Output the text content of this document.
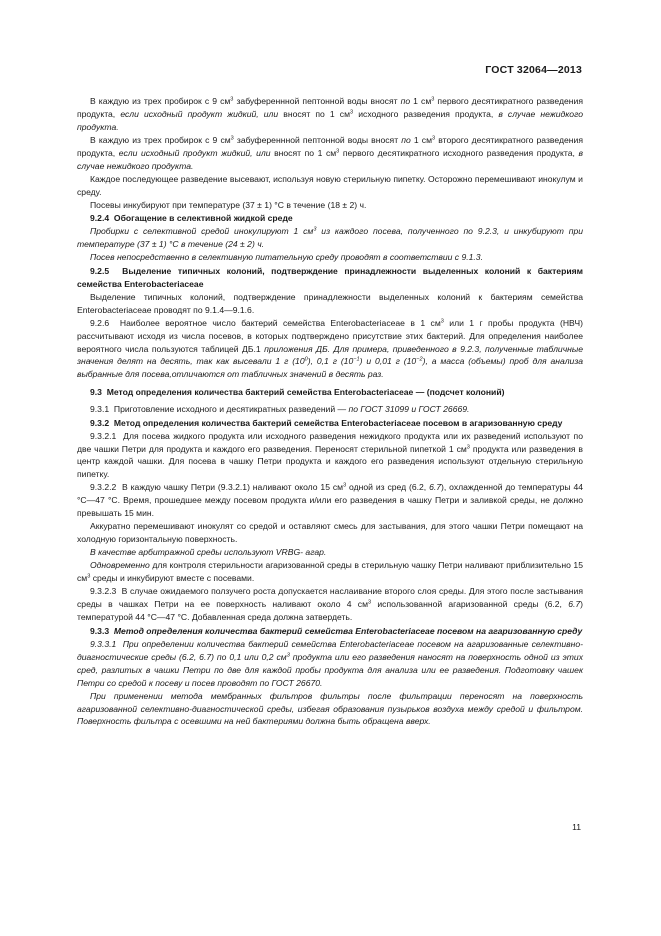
ГОСТ 32064—2013

В каждую из трех пробирок с 9 $см^3$ забуференнной пептонной воды вносят по 1 $см^3$ первого десятикратного разведения продукта, если исходный продукт жидкий, или вносят по 1 $см^3$ исходного разведения продукта, в случае нежидкого продукта.

В каждую из трех пробирок с 9 $см^3$ забуференнной пептонной воды вносят по 1 $см^3$ второго десятикратного разведения продукта, если исходный продукт жидкий, или вносят по 1 $см^3$ первого десятикратного исходного разведения продукта, в случае нежидкого продукта.

Каждое последующее разведение высевают, используя новую стерильную пипетку. Осторожно перемешивают инокулум и среду.

Посевы инкубируют при температуре (37 ± 1) °С в течение (18 ± 2) ч.

9.2.4  Обогащение в селективной жидкой среде

Пробирки с селективной средой инокулируют 1 $см^3$ из каждого посева, полученного по 9.2.3, и инкубируют при температуре (37 ± 1) °С в течение (24 ± 2) ч.

Посев непосредственно в селективную питательную среду проводят в соответствии с 9.1.3.

9.2.5  Выделение типичных колоний, подтверждение принадлежности выделенных колоний к бактериям семейства Enterobacteriaceae

Выделение типичных колоний, подтверждение принадлежности выделенных колоний к бактериям семейства Enterobacteriaceae проводят по 9.1.4—9.1.6.

9.2.6  Наиболее вероятное число бактерий семейства Enterobacteriaceae в 1 $см^3$ или 1 г пробы продукта (НВЧ) рассчитывают исходя из числа посевов, в которых подтверждено присутствие этих бактерий. Для определения наиболее вероятного числа пользуются таблицей ДБ.1 приложения ДБ. Для примера, приведенного в 9.2.3, полученные табличные значения делят на десять, так как высевали 1 г $(10^0)$, 0,1 г $(10^{-1})$ и 0,01 г $(10^{-2})$, а масса (объемы) проб для анализа выбранные для посева,отличаются от табличных значений в десять раз.

9.3  Метод определения количества бактерий семейства Enterobacteriaceae — (подсчет колоний)

9.3.1  Приготовление исходного и десятикратных разведений — по ГОСТ 31099 и ГОСТ 26669.

9.3.2  Метод определения количества бактерий семейства Enterobacteriaceae посевом в агаризованную среду

9.3.2.1  Для посева жидкого продукта или исходного разведения нежидкого продукта или их разведений используют по две чашки Петри для продукта и каждого его разведения. Переносят стерильной пипеткой 1 $см^3$ продукта или разведения в центр каждой чашки. Для посева в чашку Петри продукта и каждого его разведения используют отдельную стерильную пипетку.

9.3.2.2  В каждую чашку Петри (9.3.2.1) наливают около 15 $см^3$ одной из сред (6.2, 6.7), охлажденной до температуры 44 °С—47 °С. Время, прошедшее между посевом продукта и/или его разведения в чашку Петри и заливкой среды, не должно превышать 15 мин.

Аккуратно перемешивают инокулят со средой и оставляют смесь для застывания, для этого чашки Петри помещают на холодную горизонтальную поверхность.

В качестве арбитражной среды используют VRBG- агар.

Одновременно для контроля стерильности агаризованной среды в стерильную чашку Петри наливают приблизительно 15 $см^3$ среды и инкубируют вместе с посевами.

9.3.2.3  В случае ожидаемого ползучего роста допускается наслаивание второго слоя среды. Для этого после застывания среды в чашках Петри на ее поверхность наливают около 4 $см^3$ использованной агаризованной среды (6.2, 6.7) температурой 44 °С—47 °С. Добавленная среда должна затвердеть.

9.3.3  Метод определения количества бактерий семейства Enterobacteriaceae посевом на агаризованную среду

9.3.3.1  При определении количества бактерий семейства Enterobacteriaceae посевом на агаризованные селективно-диагностические среды (6.2, 6.7) по 0,1 или 0,2 $см^3$ продукта или его разведения наносят на поверхность одной из этих сред, разлитых в чашки Петри по две для каждой пробы продукта для анализа или ее разведения. Подготовку чашек Петри со средой к посеву и посев проводят по ГОСТ 26670.

При применении метода мембранных фильтров фильтры после фильтрации переносят на поверхность агаризованной селективно-диагностической среды, избегая образования пузырьков воздуха между средой и фильтром. Поверхность фильтра с осевшими на ней бактериями должна быть обращена вверх.

11
